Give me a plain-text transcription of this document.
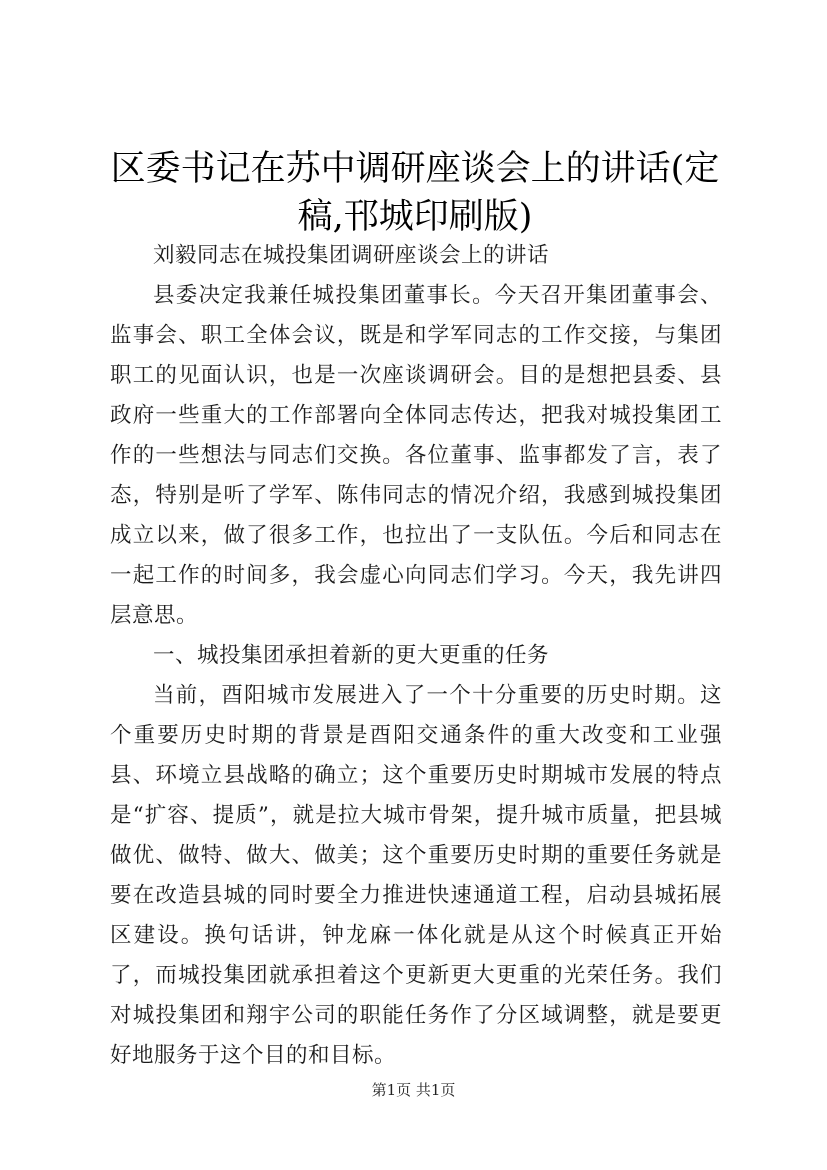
区委书记在苏中调研座谈会上的讲话(定稿,邗城印刷版)

刘毅同志在城投集团调研座谈会上的讲话

县委决定我兼任城投集团董事长。今天召开集团董事会、监事会、职工全体会议，既是和学军同志的工作交接，与集团职工的见面认识，也是一次座谈调研会。目的是想把县委、县政府一些重大的工作部署向全体同志传达，把我对城投集团工作的一些想法与同志们交换。各位董事、监事都发了言，表了态，特别是听了学军、陈伟同志的情况介绍，我感到城投集团成立以来，做了很多工作，也拉出了一支队伍。今后和同志在一起工作的时间多，我会虚心向同志们学习。今天，我先讲四层意思。

一、城投集团承担着新的更大更重的任务

当前，酉阳城市发展进入了一个十分重要的历史时期。这个重要历史时期的背景是酉阳交通条件的重大改变和工业强县、环境立县战略的确立；这个重要历史时期城市发展的特点是“扩容、提质”，就是拉大城市骨架，提升城市质量，把县城做优、做特、做大、做美；这个重要历史时期的重要任务就是要在改造县城的同时要全力推进快速通道工程，启动县城拓展区建设。换句话讲，钟龙麻一体化就是从这个时候真正开始了，而城投集团就承担着这个更新更大更重的光荣任务。我们对城投集团和翔宇公司的职能任务作了分区域调整，就是要更好地服务于这个目的和目标。

第1页 共1页
